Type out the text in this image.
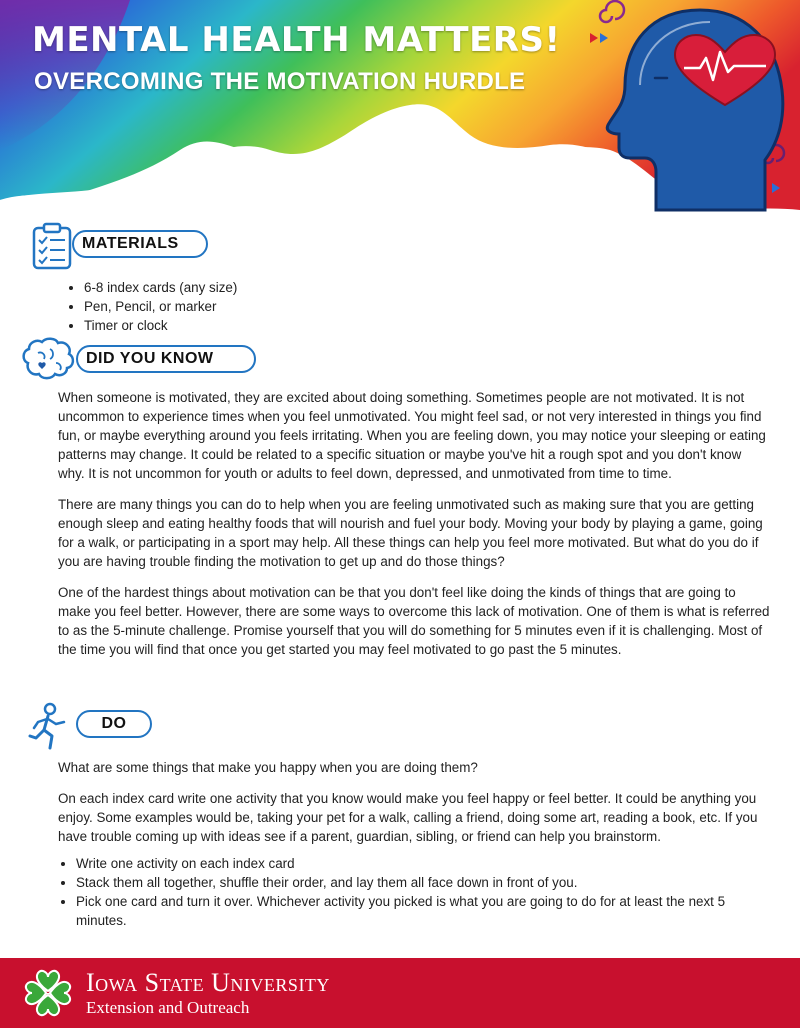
MENTAL HEALTH MATTERS!
OVERCOMING THE MOTIVATION HURDLE
MATERIALS
• 6-8 index cards (any size)
• Pen, Pencil, or marker
• Timer or clock
DID YOU KNOW

When someone is motivated, they are excited about doing something. Sometimes people are not motivated. It is not uncommon to experience times when you feel unmotivated. You might feel sad, or not very interested in things you find fun, or maybe everything around you feels irritating. When you are feeling down, you may notice your sleeping or eating patterns may change. It could be related to a specific situation or maybe you've hit a rough spot and you don't know why. It is not uncommon for youth or adults to feel down, depressed, and unmotivated from time to time.

There are many things you can do to help when you are feeling unmotivated such as making sure that you are getting enough sleep and eating healthy foods that will nourish and fuel your body. Moving your body by playing a game, going for a walk, or participating in a sport may help. All these things can help you feel more motivated. But what do you do if you are having trouble finding the motivation to get up and do those things?

One of the hardest things about motivation can be that you don't feel like doing the kinds of things that are going to make you feel better. However, there are some ways to overcome this lack of motivation. One of them is what is referred to as the 5-minute challenge. Promise yourself that you will do something for 5 minutes even if it is challenging. Most of the time you will find that once you get started you may feel motivated to go past the 5 minutes.

DO

What are some things that make you happy when you are doing them?

On each index card write one activity that you know would make you feel happy or feel better. It could be anything you enjoy. Some examples would be, taking your pet for a walk, calling a friend, doing some art, reading a book, etc. If you have trouble coming up with ideas see if a parent, guardian, sibling, or friend can help you brainstorm.

• Write one activity on each index card
• Stack them all together, shuffle their order, and lay them all face down in front of you.
• Pick one card and turn it over. Whichever activity you picked is what you are going to do for at least the next 5 minutes.
H Iowa State University
Extension and Outreach
